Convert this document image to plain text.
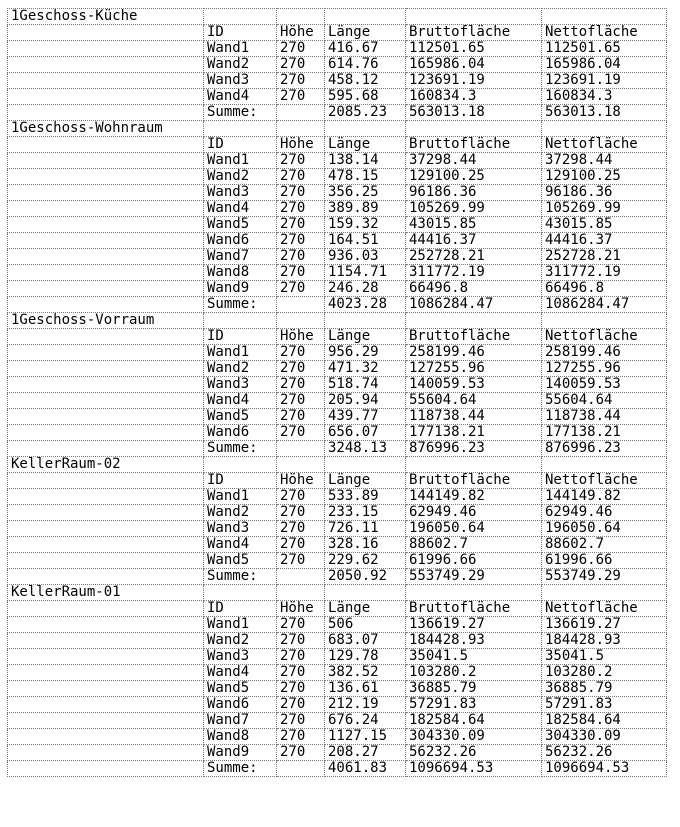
1Geschoss-Küche					
	ID	Höhe	Länge	Bruttofläche	Nettofläche
	Wand1	270	416.67	112501.65	112501.65
	Wand2	270	614.76	165986.04	165986.04
	Wand3	270	458.12	123691.19	123691.19
	Wand4	270	595.68	160834.3	160834.3
	Summe:		2085.23	563013.18	563013.18
1Geschoss-Wohnraum					
	ID	Höhe	Länge	Bruttofläche	Nettofläche
	Wand1	270	138.14	37298.44	37298.44
	Wand2	270	478.15	129100.25	129100.25
	Wand3	270	356.25	96186.36	96186.36
	Wand4	270	389.89	105269.99	105269.99
	Wand5	270	159.32	43015.85	43015.85
	Wand6	270	164.51	44416.37	44416.37
	Wand7	270	936.03	252728.21	252728.21
	Wand8	270	1154.71	311772.19	311772.19
	Wand9	270	246.28	66496.8	66496.8
	Summe:		4023.28	1086284.47	1086284.47
1Geschoss-Vorraum					
	ID	Höhe	Länge	Bruttofläche	Nettofläche
	Wand1	270	956.29	258199.46	258199.46
	Wand2	270	471.32	127255.96	127255.96
	Wand3	270	518.74	140059.53	140059.53
	Wand4	270	205.94	55604.64	55604.64
	Wand5	270	439.77	118738.44	118738.44
	Wand6	270	656.07	177138.21	177138.21
	Summe:		3248.13	876996.23	876996.23
KellerRaum-02					
	ID	Höhe	Länge	Bruttofläche	Nettofläche
	Wand1	270	533.89	144149.82	144149.82
	Wand2	270	233.15	62949.46	62949.46
	Wand3	270	726.11	196050.64	196050.64
	Wand4	270	328.16	88602.7	88602.7
	Wand5	270	229.62	61996.66	61996.66
	Summe:		2050.92	553749.29	553749.29
KellerRaum-01					
	ID	Höhe	Länge	Bruttofläche	Nettofläche
	Wand1	270	506	136619.27	136619.27
	Wand2	270	683.07	184428.93	184428.93
	Wand3	270	129.78	35041.5	35041.5
	Wand4	270	382.52	103280.2	103280.2
	Wand5	270	136.61	36885.79	36885.79
	Wand6	270	212.19	57291.83	57291.83
	Wand7	270	676.24	182584.64	182584.64
	Wand8	270	1127.15	304330.09	304330.09
	Wand9	270	208.27	56232.26	56232.26
	Summe:		4061.83	1096694.53	1096694.53
